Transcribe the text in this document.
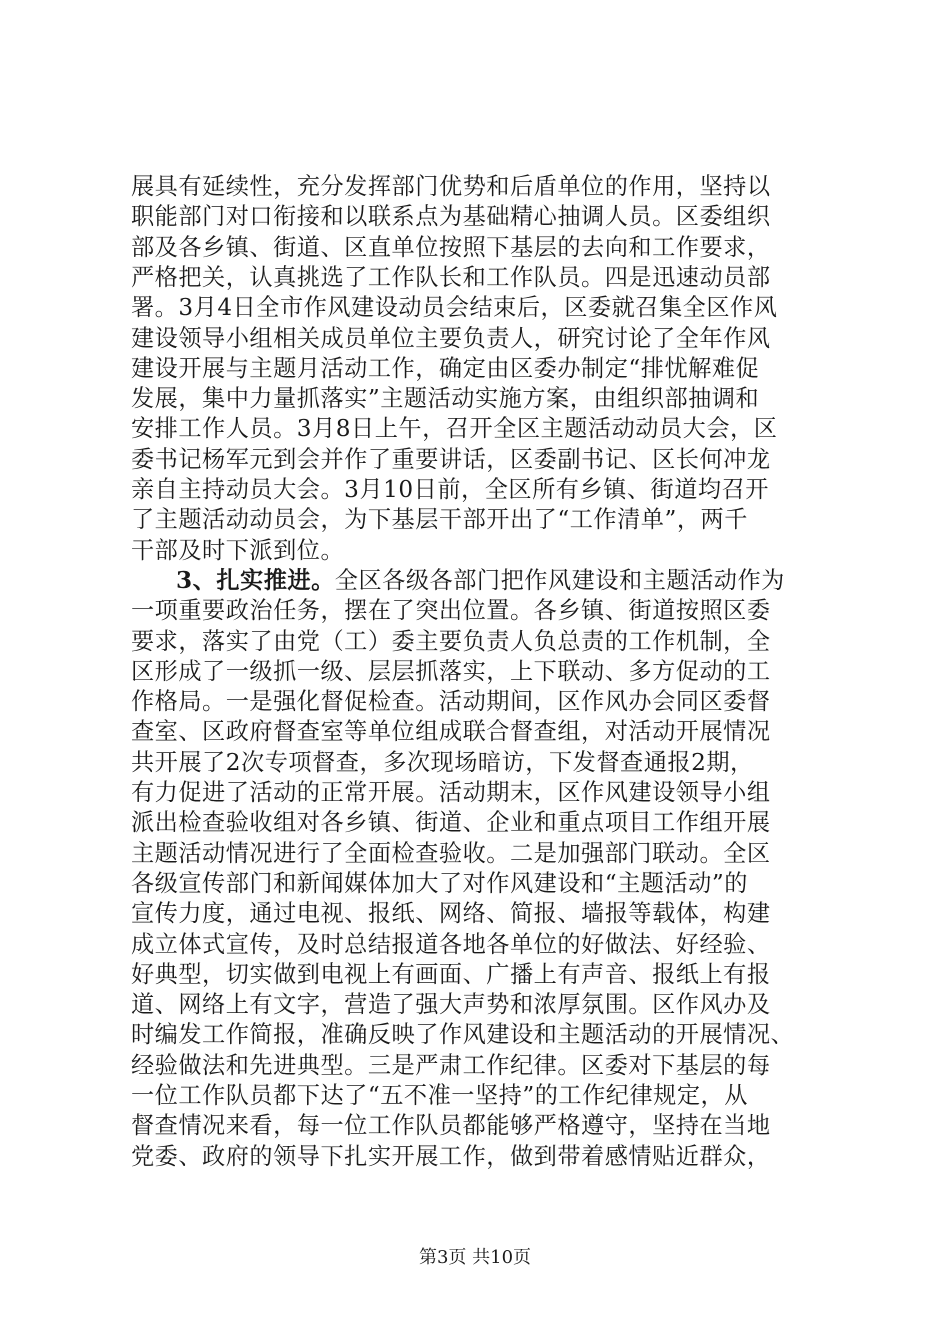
展具有延续性，充分发挥部门优势和后盾单位的作用，坚持以
职能部门对口衔接和以联系点为基础精心抽调人员。区委组织
部及各乡镇、街道、区直单位按照下基层的去向和工作要求，
严格把关，认真挑选了工作队长和工作队员。四是迅速动员部
署。3月4日全市作风建设动员会结束后，区委就召集全区作风
建设领导小组相关成员单位主要负责人，研究讨论了全年作风
建设开展与主题月活动工作，确定由区委办制定“排忧解难促
发展，集中力量抓落实”主题活动实施方案，由组织部抽调和
安排工作人员。3月8日上午，召开全区主题活动动员大会，区
委书记杨军元到会并作了重要讲话，区委副书记、区长何冲龙
亲自主持动员大会。3月10日前，全区所有乡镇、街道均召开
了主题活动动员会，为下基层干部开出了“工作清单”，两千
干部及时下派到位。
3、扎实推进。全区各级各部门把作风建设和主题活动作为
一项重要政治任务，摆在了突出位置。各乡镇、街道按照区委
要求，落实了由党（工）委主要负责人负总责的工作机制，全
区形成了一级抓一级、层层抓落实，上下联动、多方促动的工
作格局。一是强化督促检查。活动期间，区作风办会同区委督
查室、区政府督查室等单位组成联合督查组，对活动开展情况
共开展了2次专项督查，多次现场暗访，下发督查通报2期，
有力促进了活动的正常开展。活动期末，区作风建设领导小组
派出检查验收组对各乡镇、街道、企业和重点项目工作组开展
主题活动情况进行了全面检查验收。二是加强部门联动。全区
各级宣传部门和新闻媒体加大了对作风建设和“主题活动”的
宣传力度，通过电视、报纸、网络、简报、墙报等载体，构建
成立体式宣传，及时总结报道各地各单位的好做法、好经验、
好典型，切实做到电视上有画面、广播上有声音、报纸上有报
道、网络上有文字，营造了强大声势和浓厚氛围。区作风办及
时编发工作简报，准确反映了作风建设和主题活动的开展情况、
经验做法和先进典型。三是严肃工作纪律。区委对下基层的每
一位工作队员都下达了“五不准一坚持”的工作纪律规定，从
督查情况来看，每一位工作队员都能够严格遵守，坚持在当地
党委、政府的领导下扎实开展工作，做到带着感情贴近群众，
第3页 共10页
